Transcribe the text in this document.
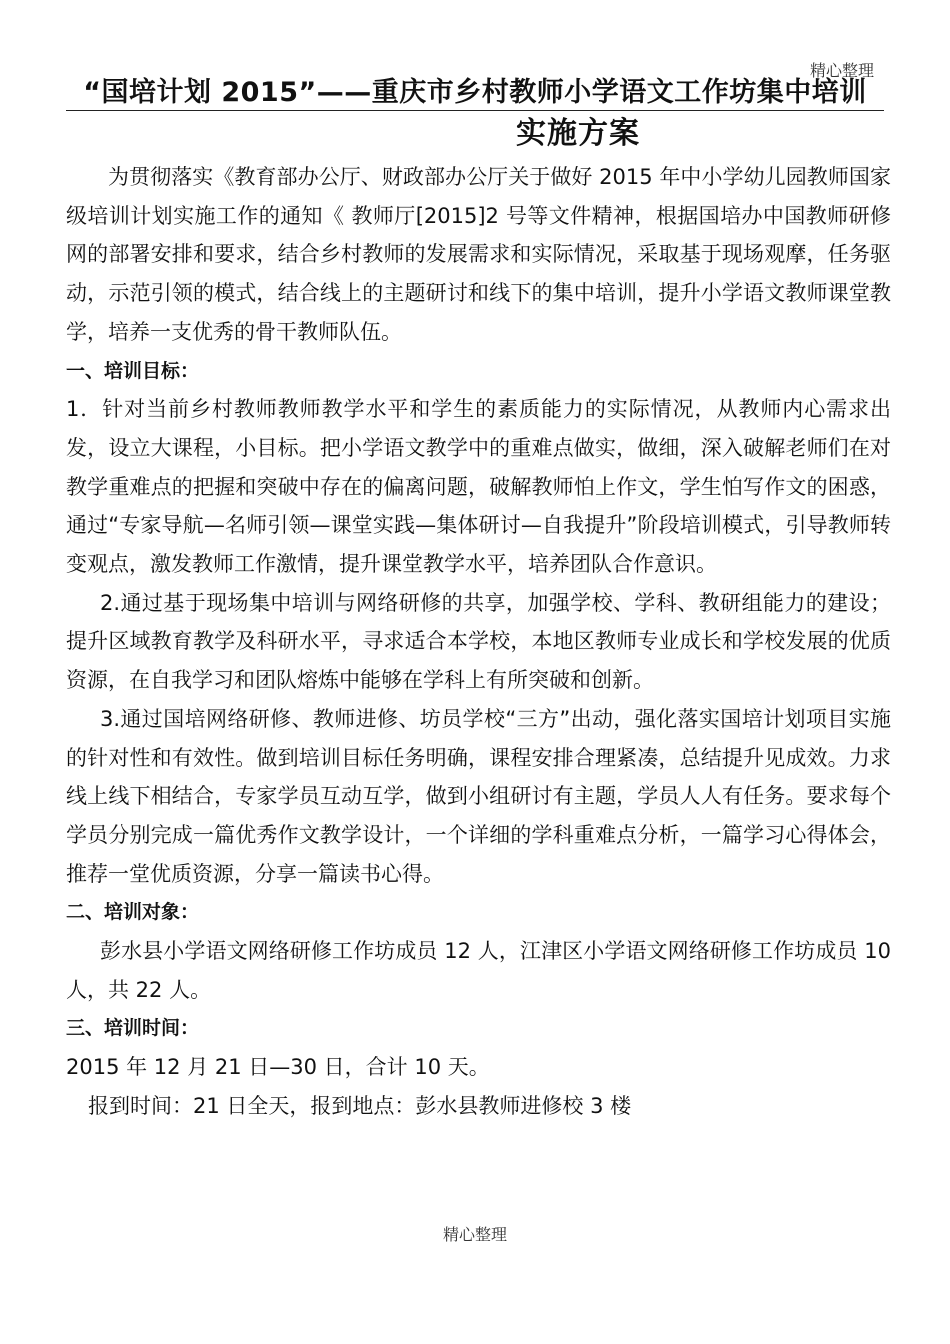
精心整理
“国培计划 2015”——重庆市乡村教师小学语文工作坊集中培训
实施方案

为贯彻落实《教育部办公厅、财政部办公厅关于做好 2015 年中小学幼儿园教师国家级培训计划实施工作的通知《 教师厅[2015]2 号等文件精神，根据国培办中国教师研修网的部署安排和要求，结合乡村教师的发展需求和实际情况，采取基于现场观摩，任务驱动，示范引领的模式，结合线上的主题研讨和线下的集中培训，提升小学语文教师课堂教学，培养一支优秀的骨干教师队伍。

一、培训目标：

1．针对当前乡村教师教师教学水平和学生的素质能力的实际情况，从教师内心需求出发，设立大课程，小目标。把小学语文教学中的重难点做实，做细，深入破解老师们在对教学重难点的把握和突破中存在的偏离问题，破解教师怕上作文，学生怕写作文的困惑，通过“专家导航—名师引领—课堂实践—集体研讨—自我提升”阶段培训模式，引导教师转变观点，激发教师工作激情，提升课堂教学水平，培养团队合作意识。

2.通过基于现场集中培训与网络研修的共享，加强学校、学科、教研组能力的建设；提升区域教育教学及科研水平，寻求适合本学校，本地区教师专业成长和学校发展的优质资源，在自我学习和团队熔炼中能够在学科上有所突破和创新。

3.通过国培网络研修、教师进修、坊员学校“三方”出动，强化落实国培计划项目实施的针对性和有效性。做到培训目标任务明确，课程安排合理紧凑，总结提升见成效。力求线上线下相结合，专家学员互动互学，做到小组研讨有主题，学员人人有任务。要求每个学员分别完成一篇优秀作文教学设计，一个详细的学科重难点分析，一篇学习心得体会，推荐一堂优质资源，分享一篇读书心得。

二、培训对象：

彭水县小学语文网络研修工作坊成员 12 人，江津区小学语文网络研修工作坊成员 10 人，共 22 人。

三、培训时间：

2015 年 12 月 21 日—30 日，合计 10 天。

报到时间：21 日全天，报到地点：彭水县教师进修校 3 楼

精心整理
